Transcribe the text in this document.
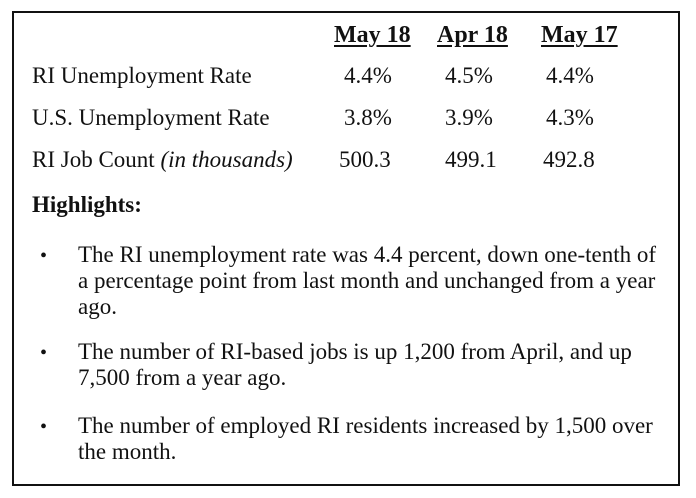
May 18 Apr 18 May 17
RI Unemployment Rate	4.4% 4.5% 4.4%
U.S. Unemployment Rate	3.8% 3.9% 4.3%
RI Job Count (in thousands) 500.3 499.1 492.8
Highlights:
• The RI unemployment rate was 4.4 percent, down one-tenth of a percentage point from last month and unchanged from a year ago.
• The number of RI-based jobs is up 1,200 from April, and up 7,500 from a year ago.
• The number of employed RI residents increased by 1,500 over the month.
